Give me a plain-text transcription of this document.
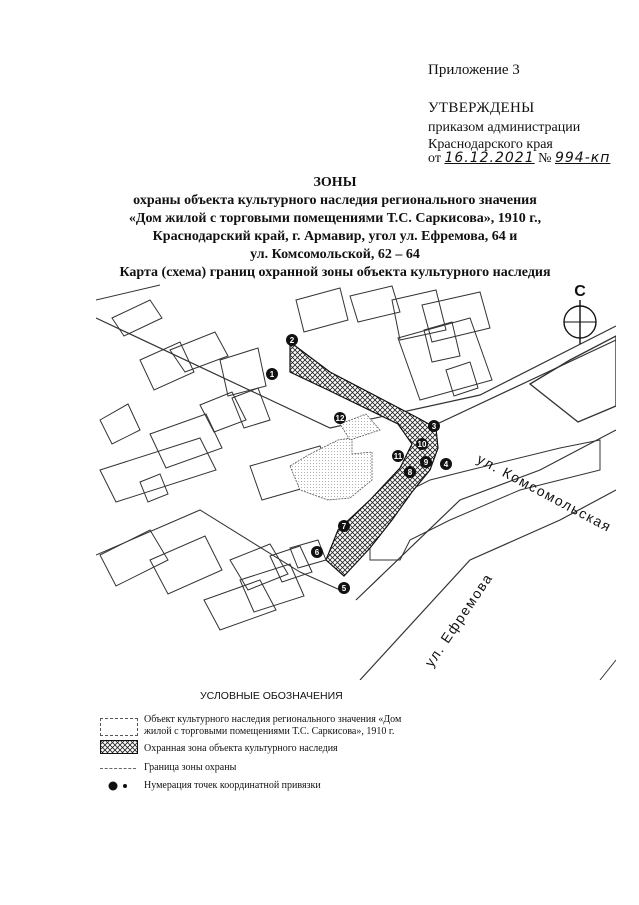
Приложение 3
УТВЕРЖДЕНЫ
приказом администрации
Краснодарского края
от 16.12.2021 № 994-кп
ЗОНЫ
охраны объекта культурного наследия регионального значения
«Дом жилой с торговыми помещениями Т.С. Саркисова», 1910 г.,
Краснодарский край, г. Армавир, угол ул. Ефремова, 64 и
ул. Комсомольской, 62 – 64
Карта (схема) границ охранной зоны объекта культурного наследия
1
2
3
4
5
6
7
8
9
10
11
12
С
ул. Комсомольская
ул. Ефремова
УСЛОВНЫЕ ОБОЗНАЧЕНИЯ
Объект культурного наследия регионального значения «Дом
жилой с торговыми помещениями Т.С. Саркисова», 1910 г.
Охранная зона объекта культурного наследия
Граница зоны охраны
Нумерация точек координатной привязки
